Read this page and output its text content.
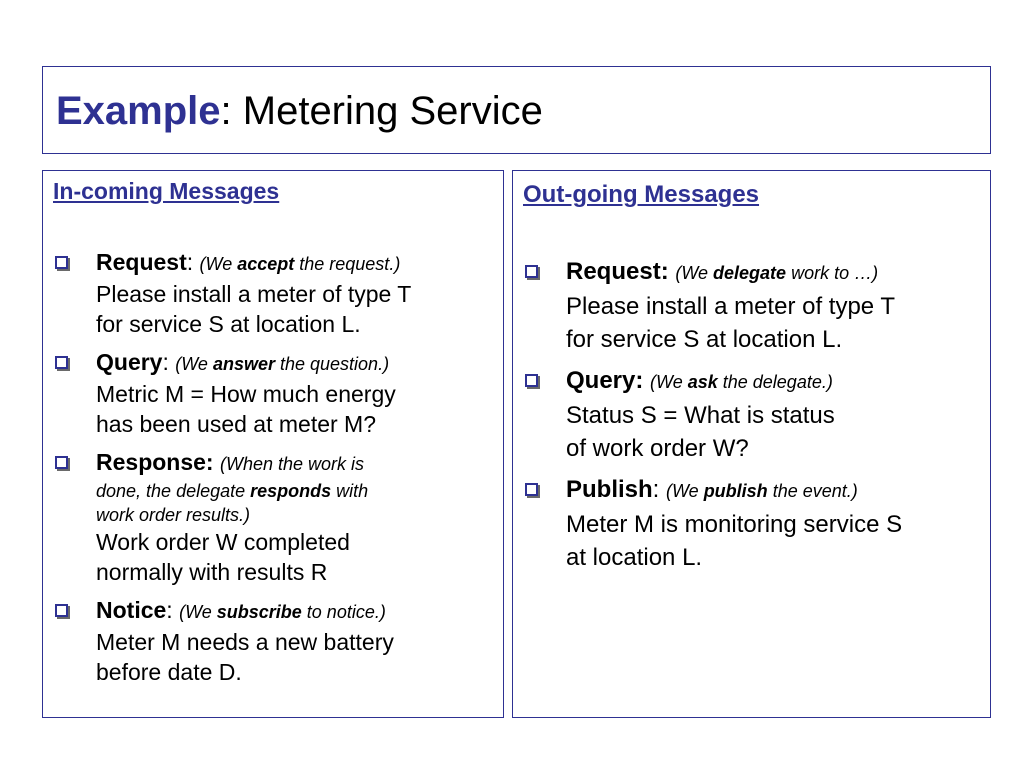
Example: Metering Service
In-coming Messages
Request: (We accept the request.)
Please install a meter of type T
for service S at location L.
Query: (We answer the question.)
Metric M = How much energy
has been used at meter M?
Response: (When the work is
done, the delegate responds with
work order results.)
Work order W completed
normally with results R
Notice: (We subscribe to notice.)
Meter M needs a new battery
before date D.
Out-going Messages
Request: (We delegate work to …)
Please install a meter of type T
for service S at location L.
Query: (We ask the delegate.)
Status S = What is status
of work order W?
Publish: (We publish the event.)
Meter M is monitoring service S
at location L.
